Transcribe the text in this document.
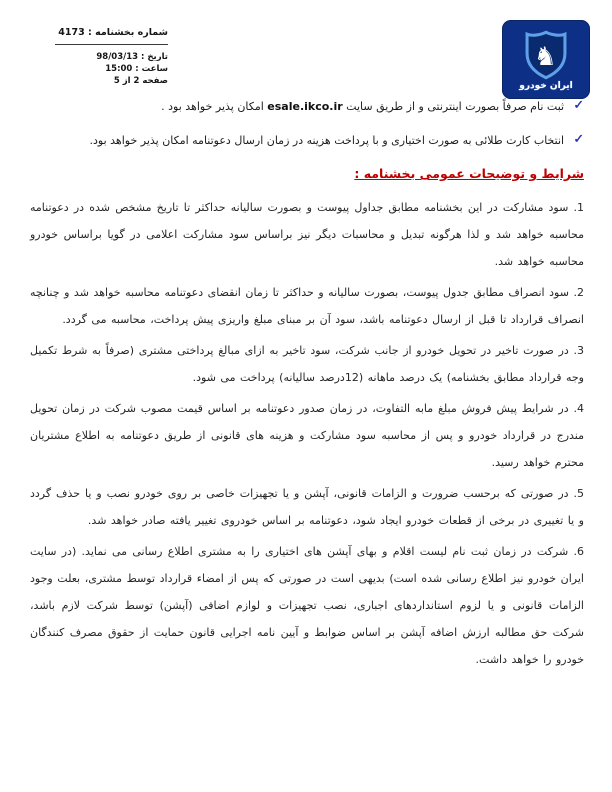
شماره بخشنامه : 4173
تاریخ : 98/03/13
ساعت : 15:00
صفحه 2 از 5
♞
ایران خودرو
✓
ثبت نام صرفاً بصورت اینترنتی و از طریق سایت esale.ikco.ir امکان پذیر خواهد بود .
✓
انتخاب کارت طلائی به صورت اختیاری و با پرداخت هزینه در زمان ارسال دعوتنامه امکان پذیر خواهد بود.
شرایط و توضیحات عمومی بخشنامه :

1. سود مشارکت در این بخشنامه مطابق جداول پیوست و بصورت سالیانه حداکثر تا تاریخ مشخص شده در دعوتنامه محاسبه خواهد شد و لذا هرگونه تبدیل و محاسبات دیگر نیز براساس سود مشارکت اعلامی در گویا براساس خودرو محاسبه خواهد شد.

2. سود انصراف مطابق جدول پیوست، بصورت سالیانه و حداکثر تا زمان انقضای دعوتنامه محاسبه خواهد شد و چنانچه انصراف قرارداد تا قبل از ارسال دعوتنامه باشد، سود آن بر مبنای مبلغ واریزی پیش پرداخت، محاسبه می گردد.

3. در صورت تاخیر در تحویل خودرو از جانب شرکت، سود تاخیر به ازای مبالغ پرداختی مشتری (صرفاً به شرط تکمیل وجه قرارداد مطابق بخشنامه) یک درصد ماهانه (12درصد سالیانه) پرداخت می شود.

4. در شرایط پیش فروش مبلغ مابه التفاوت، در زمان صدور دعوتنامه بر اساس قیمت مصوب شرکت در زمان تحویل مندرج در قرارداد خودرو و پس از محاسبه سود مشارکت و هزینه های قانونی از طریق دعوتنامه به اطلاع مشتریان محترم خواهد رسید.

5. در صورتی که برحسب ضرورت و الزامات قانونی، آپشن و یا تجهیزات خاصی بر روی خودرو نصب و یا حذف گردد و یا تغییری در برخی از قطعات خودرو ایجاد شود، دعوتنامه بر اساس خودروی تغییر یافته صادر خواهد شد.

6. شرکت در زمان ثبت نام لیست اقلام و بهای آپشن های اختیاری را به مشتری اطلاع رسانی می نماید. (در سایت ایران خودرو نیز اطلاع رسانی شده است) بدیهی است در صورتی که پس از امضاء قرارداد توسط مشتری، بعلت وجود الزامات قانونی و یا لزوم استانداردهای اجباری، نصب تجهیزات و لوازم اضافی (آپشن) توسط شرکت لازم باشد، شرکت حق مطالبه ارزش اضافه آپشن بر اساس ضوابط و آیین نامه اجرایی قانون حمایت از حقوق مصرف کنندگان خودرو را خواهد داشت.
